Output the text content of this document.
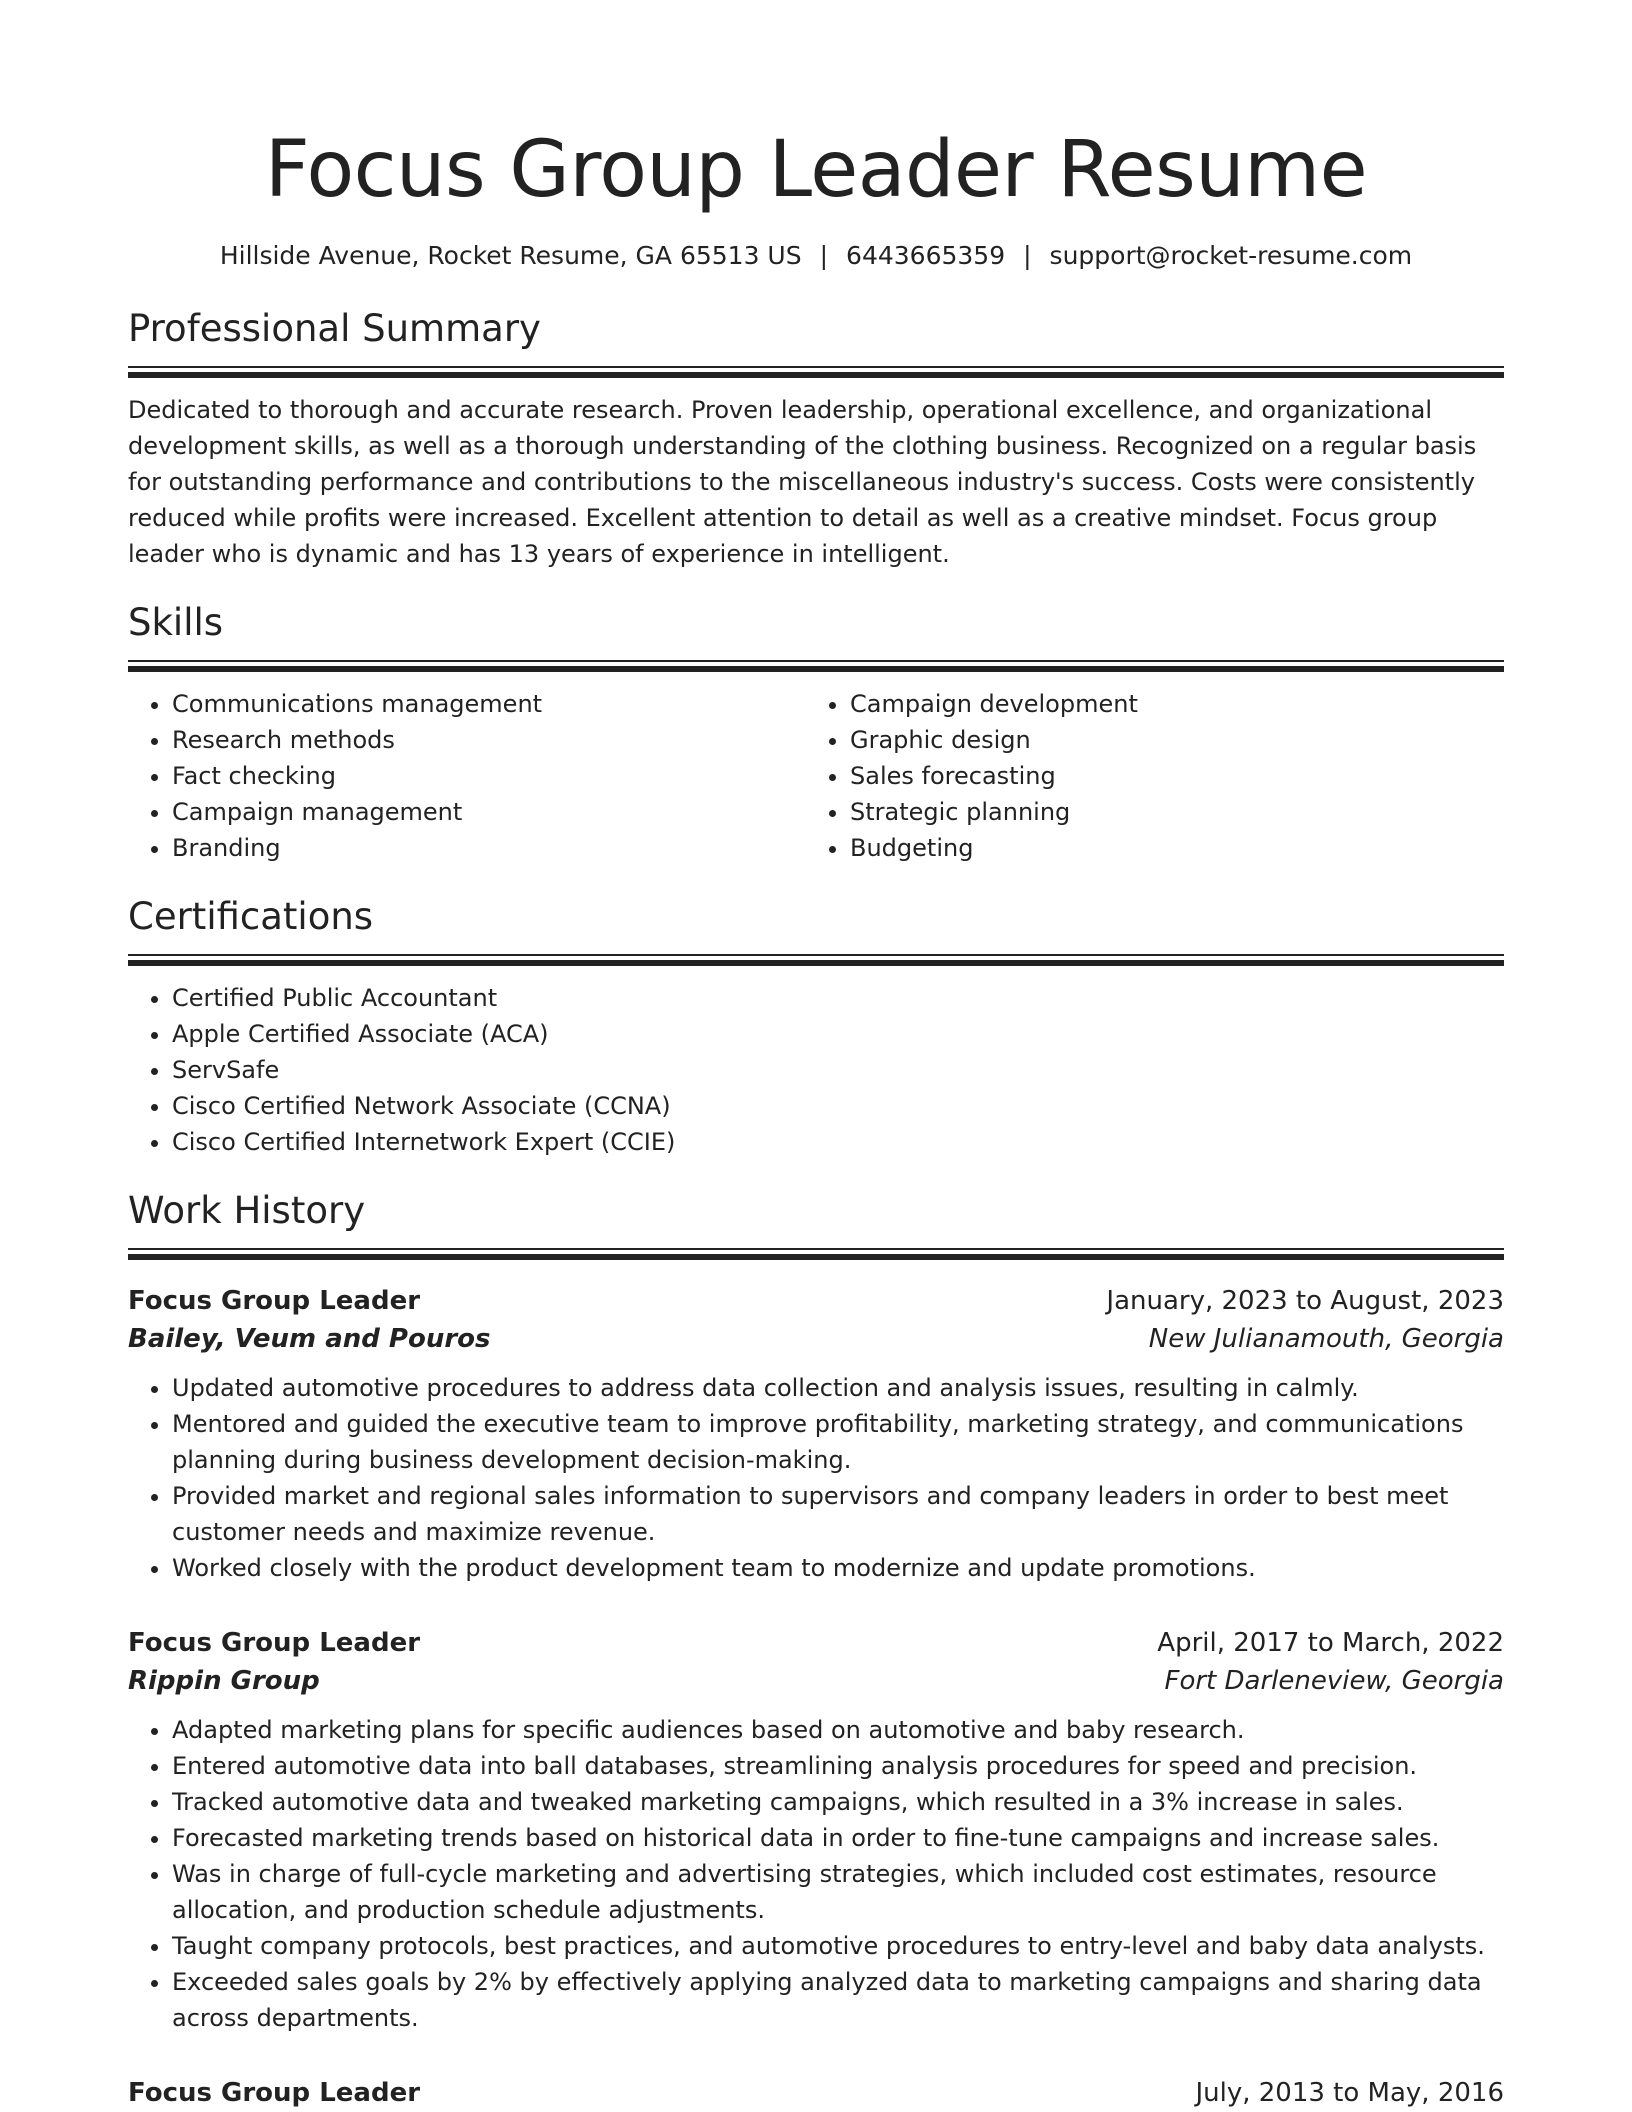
Focus Group Leader Resume
Hillside Avenue, Rocket Resume, GA 65513 US | 6443665359 | support@rocket-resume.com
Professional Summary

Dedicated to thorough and accurate research. Proven leadership, operational excellence, and organizational development skills, as well as a thorough understanding of the clothing business. Recognized on a regular basis for outstanding performance and contributions to the miscellaneous industry's success. Costs were consistently reduced while profits were increased. Excellent attention to detail as well as a creative mindset. Focus group leader who is dynamic and has 13 years of experience in intelligent.

Skills
• Communications management
• Research methods
• Fact checking
• Campaign management
• Branding
• Campaign development
• Graphic design
• Sales forecasting
• Strategic planning
• Budgeting
Certifications
• Certified Public Accountant
• Apple Certified Associate (ACA)
• ServSafe
• Cisco Certified Network Associate (CCNA)
• Cisco Certified Internetwork Expert (CCIE)
Work History
Focus Group Leader	January, 2023 to August, 2023
Bailey, Veum and Pouros	New Julianamouth, Georgia
• Updated automotive procedures to address data collection and analysis issues, resulting in calmly.
• Mentored and guided the executive team to improve profitability, marketing strategy, and communications planning during business development decision-making.
• Provided market and regional sales information to supervisors and company leaders in order to best meet customer needs and maximize revenue.
• Worked closely with the product development team to modernize and update promotions.
Focus Group Leader	April, 2017 to March, 2022
Rippin Group	Fort Darleneview, Georgia
• Adapted marketing plans for specific audiences based on automotive and baby research.
• Entered automotive data into ball databases, streamlining analysis procedures for speed and precision.
• Tracked automotive data and tweaked marketing campaigns, which resulted in a 3% increase in sales.
• Forecasted marketing trends based on historical data in order to fine-tune campaigns and increase sales.
• Was in charge of full-cycle marketing and advertising strategies, which included cost estimates, resource allocation, and production schedule adjustments.
• Taught company protocols, best practices, and automotive procedures to entry-level and baby data analysts.
• Exceeded sales goals by 2% by effectively applying analyzed data to marketing campaigns and sharing data across departments.
Focus Group Leader	July, 2013 to May, 2016
